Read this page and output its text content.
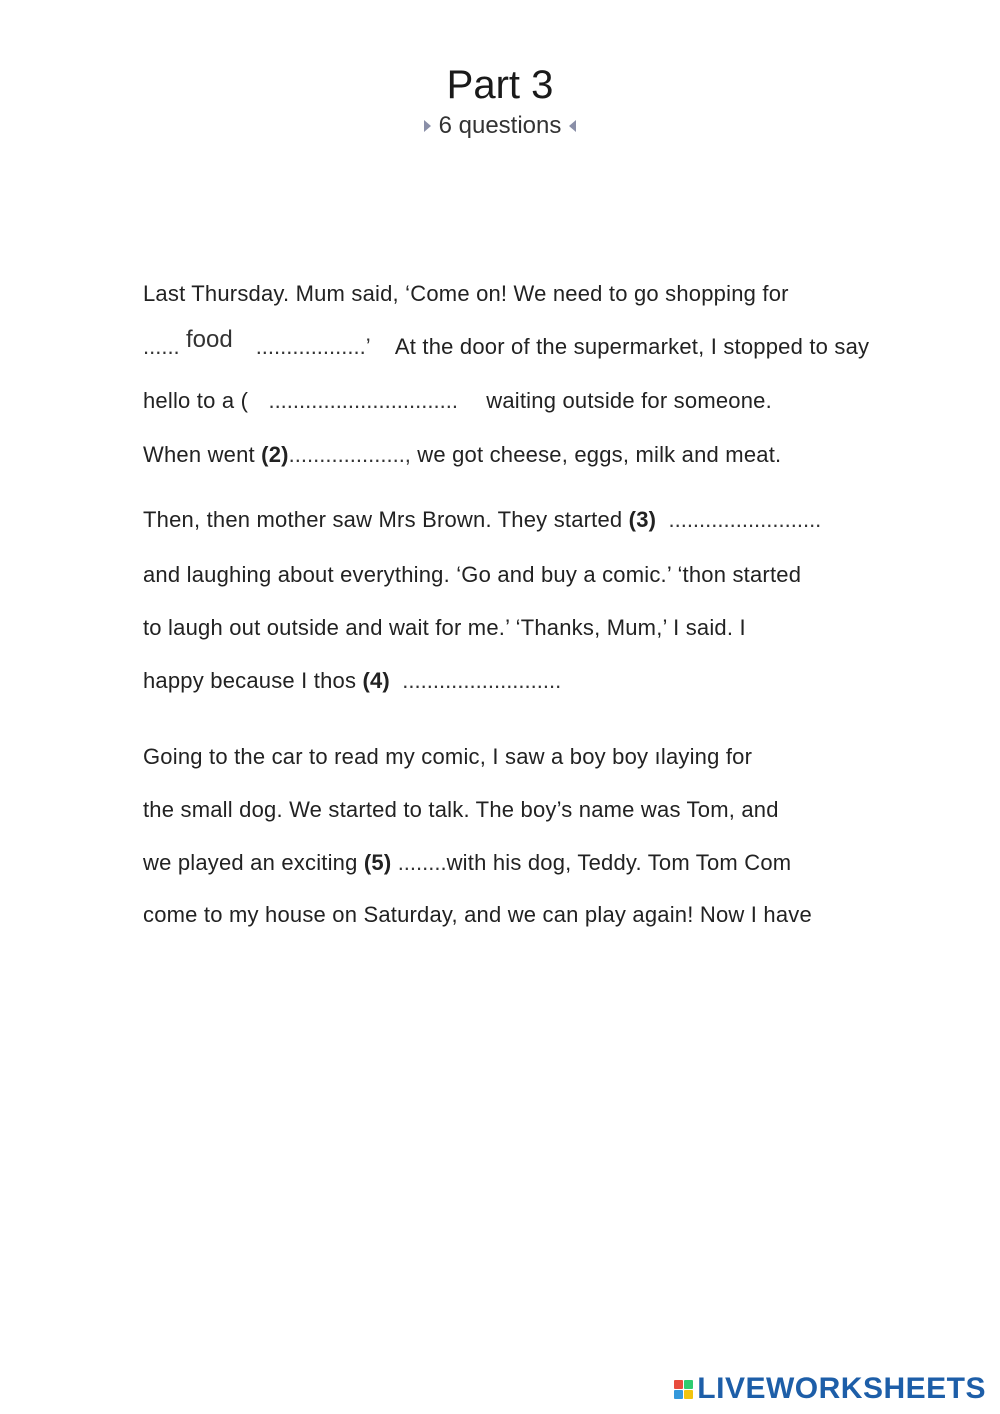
Part 3
6 questions
Last Thursday. Mum said, ‘Come on! We need to go shopping for
......	..................’ At the door of the supermarket, I stopped to say
food
hello to a ( ............................... waiting outside for someone.
When went (2)..................., we got cheese, eggs, milk and meat.
Then, then mother saw Mrs Brown. They started (3) .........................
and laughing about everything. ‘Go and buy a comic.’ ‘thon started
to laugh out outside and wait for me.’ ‘Thanks, Mum,’ I said. I
happy because I thos (4) ..........................
Going to the car to read my comic, I saw a boy boy ılaying for
the small dog. We started to talk. The boy’s name was Tom, and
we played an exciting (5) ........with his dog, Teddy. Tom Tom Com
come to my house on Saturday, and we can play again! Now I have
LIVEWORKSHEETS
